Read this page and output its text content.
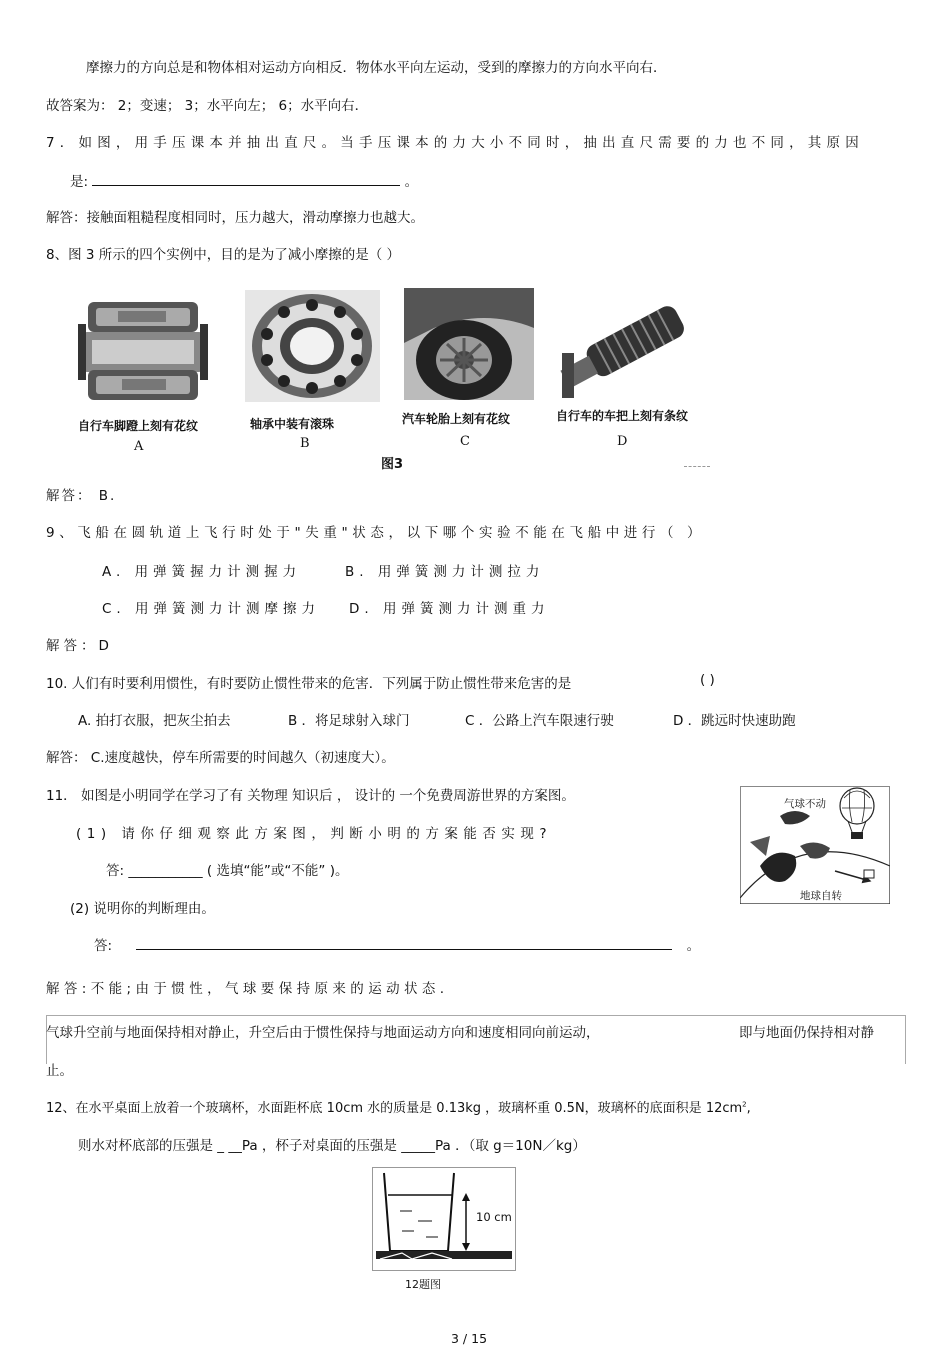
摩擦力的方向总是和物体相对运动方向相反．物体水平向左运动，受到的摩擦力的方向水平向右．
故答案为： 2；变速； 3；水平向左； 6；水平向右．
7．如图，用手压课本并抽出直尺。当手压课本的力大小不同时，抽出直尺需要的力也不同，其原因
是:	。
解答：接触面粗糙程度相同时，压力越大，滑动摩擦力也越大。
8、图 3 所示的四个实例中，目的是为了减小摩擦的是（ ）
自行车脚蹬上刻有花纹	轴承中装有滚珠	汽车轮胎上刻有花纹	自行车的车把上刻有条纹
A	B	C	D
图3
解答： B.
9、飞船在圆轨道上飞行时处于"失重"状态，以下哪个实验不能在飞船中进行（ ）
A. 用弹簧握力计测握力	B. 用弹簧测力计测拉力
C. 用弹簧测力计测摩擦力 D. 用弹簧测力计测重力
解答：D
10. 人们有时要利用惯性，有时要防止惯性带来的危害．下列属于防止惯性带来危害的是	( )
A. 拍打衣服，把灰尘拍去	B ．将足球射入球门	C ．公路上汽车限速行驶	D ．跳远时快速助跑
解答： C.速度越快，停车所需要的时间越久（初速度大）。
11． 如图是小明同学在学习了有 关物理 知识后 ， 设计的 一个免费周游世界的方案图。	气球不动
地球自转
(1) 请你仔细观察此方案图，判断小明的方案能否实现?
答: ___________ ( 选填“能”或“不能” )。
(2) 说明你的判断理由。
答:	。
解答:不能;由于惯性，气球要保持原来的运动状态.
气球升空前与地面保持相对静止，升空后由于惯性保持与地面运动方向和速度相同向前运动，	即与地面仍保持相对静
止。
12、在水平桌面上放着一个玻璃杯，水面距杯底 10cm 水的质量是 0.13kg ，玻璃杯重 0.5N，玻璃杯的底面积是 $12cm^2$,
则水对杯底部的压强是 _ __Pa ，杯子对桌面的压强是 _____Pa ．（取 g＝10N／kg）
10 cm
12题图
3 / 15
